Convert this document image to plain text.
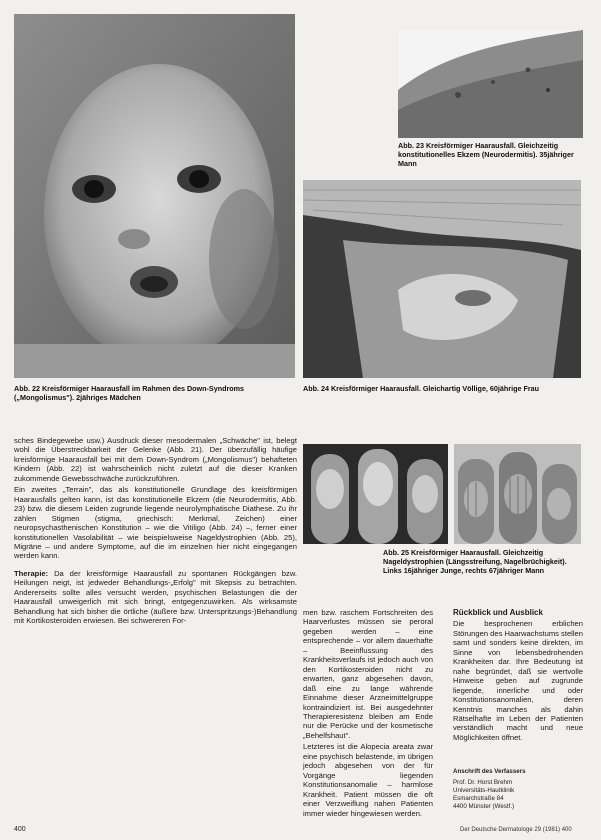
Abb. 23 Kreisförmiger Haarausfall. Gleichzeitig konstitutionelles Ekzem (Neurodermitis). 35jähriger Mann
Abb. 22 Kreisförmiger Haarausfall im Rahmen des Down-Syndroms („Mongolismus"). 2jähriges Mädchen
Abb. 24 Kreisförmiger Haarausfall. Gleichartig Völlige, 60jährige Frau
Abb. 25 Kreisförmiger Haarausfall. Gleichzeitig Nageldystrophien (Längsstreifung, Nagelbrüchigkeit). Links 16jähriger Junge, rechts 67jähriger Mann

sches Bindegewebe usw.) Ausdruck dieser mesodermalen „Schwäche" ist, belegt wohl die Überstreckbarkeit der Gelenke (Abb. 21). Der überzufällig häufige kreisförmige Haarausfall bei mit dem Down-Syndrom („Mongolismus") behafteten Kindern (Abb. 22) ist wahrscheinlich nicht zuletzt auf die dieser Kranken zukommende Gewebsschwäche zurückzuführen.

Ein zweites „Terrain", das als konstitutionelle Grundlage des kreisförmigen Haarausfalls gelten kann, ist das konstitutionelle Ekzem (die Neurodermitis, Abb. 23) bzw. die diesem Leiden zugrunde liegende neurolymphatische Diathese. Zu ihr zählen Stigmen (stigma, griechisch: Merkmal, Zeichen) einer neuropsychasthenischen Konstitution – wie die Vitiligo (Abb. 24) –, ferner einer konstitutionellen Vasolabilität – wie beispielsweise Nageldystrophien (Abb. 25), Migräne – und andere Symptome, auf die im einzelnen hier nicht eingegangen werden kann.

Therapie: Da der kreisförmige Haarausfall zu spontanen Rückgängen bzw. Heilungen neigt, ist jedweder Behandlungs-„Erfolg" mit Skepsis zu betrachten. Andererseits sollte alles versucht werden, psychischen Belastungen die der Haarausfall unweigerlich mit sich bringt, entgegenzuwirken. Als wirksamste Behandlung hat sich bisher die örtliche (äußere bzw. Unterspritzungs-)Behandlung mit Kortikosteroiden erwiesen. Bei schwereren For-

men bzw. raschem Fortschreiten des Haarverlustes müssen sie peroral gegeben werden – eine entsprechende – vor allem dauerhafte – Beeinflussung des Krankheitsverlaufs ist jedoch auch von den Kortikosteroiden nicht zu erwarten, ganz abgesehen davon, daß eine zu lange währende Einnahme dieser Arzneimittelgruppe kontraindiziert ist. Bei ausgedehnter Therapieresistenz bleiben am Ende nur die Perücke und der kosmetische „Behelfshaut".

Letzteres ist die Alopecia areata zwar eine psychisch belastende, im übrigen jedoch abgesehen von der für Vorgänge liegenden Konstitutionsanomalie – harmlose Krankheit. Patient müssen die oft einer Verzweiflung nahen Patienten immer wieder hingewiesen werden.

Rückblick und Ausblick

Die besprochenen erblichen Störungen des Haarwachstums stellen samt und sonders keine direkten, im Sinne von lebensbedrohenden Krankheiten dar. Ihre Bedeutung ist nahe begründet, daß sie wertvolle Hinweise geben auf zugrunde liegende, innerliche und oder Konstitutionsanomalien, deren Kenntnis manches als dahin Rätselhafte im Leben der Patienten verständlich macht und neue Möglichkeiten öffnet.

Anschrift des Verfassers
Prof. Dr. Horst Brehm
Universitäts-Hautklinik
Esmarchstraße 84
4400 Münster (Westf.)
400	Der Deutsche Dermatologe 29 (1981) 400
